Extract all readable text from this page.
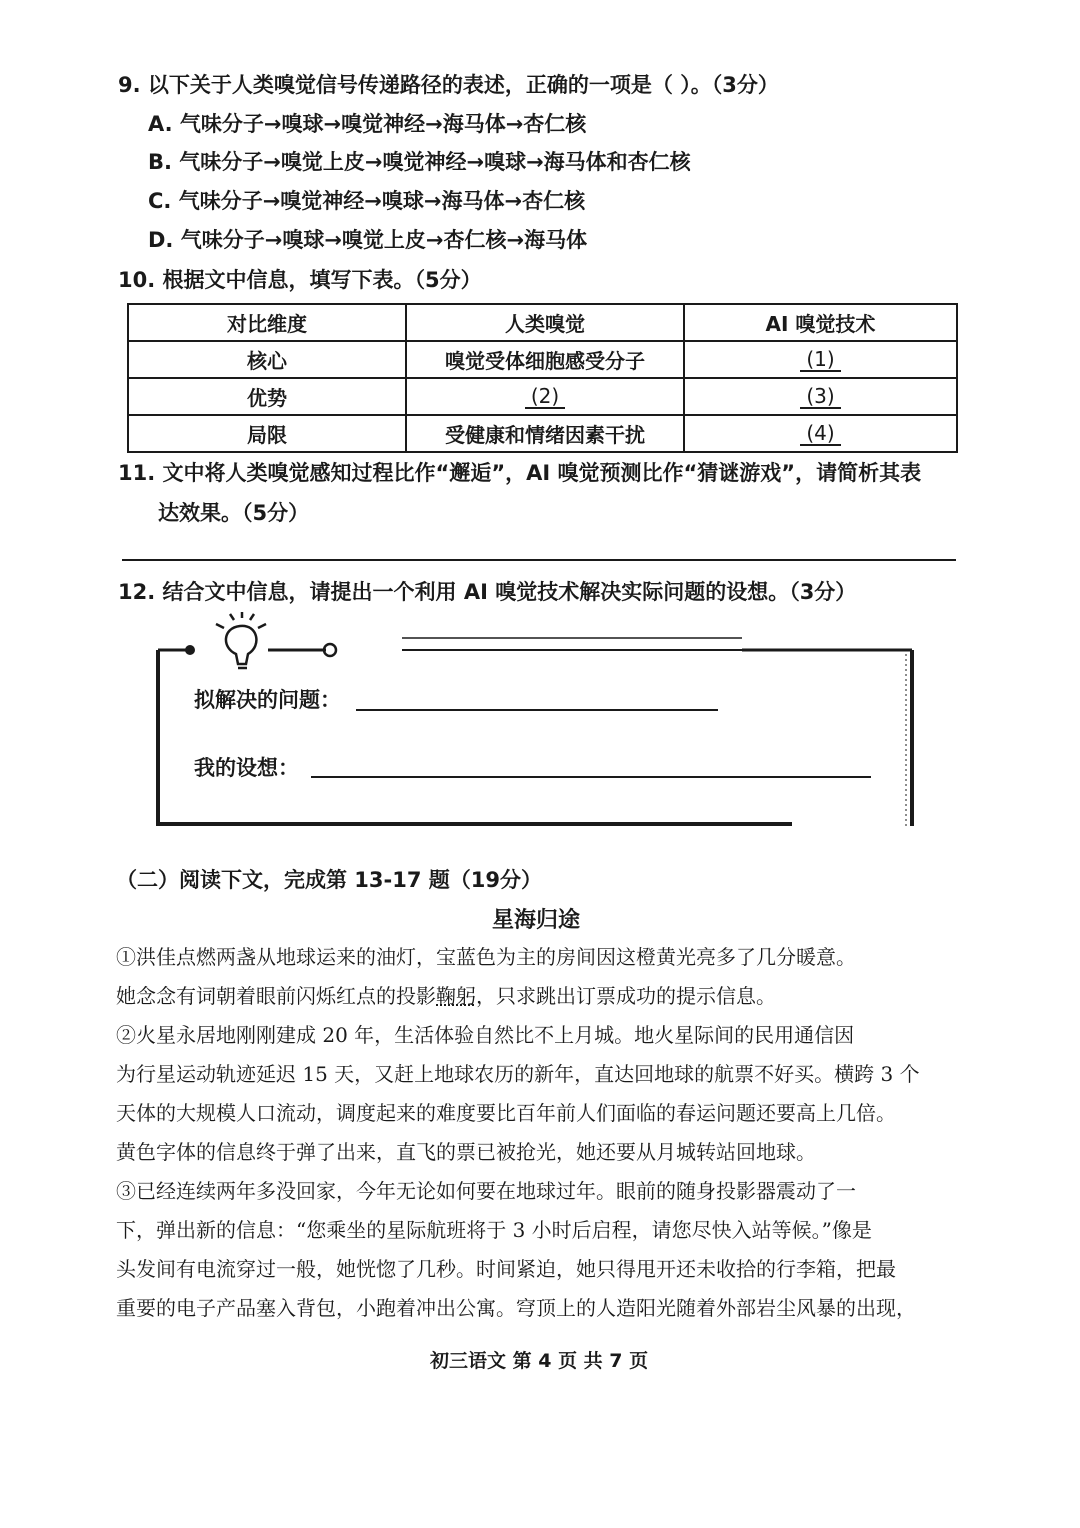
9. 以下关于人类嗅觉信号传递路径的表述，正确的一项是（ ）。（3分）
A. 气味分子→嗅球→嗅觉神经→海马体→杏仁核
B. 气味分子→嗅觉上皮→嗅觉神经→嗅球→海马体和杏仁核
C. 气味分子→嗅觉神经→嗅球→海马体→杏仁核
D. 气味分子→嗅球→嗅觉上皮→杏仁核→海马体
10. 根据文中信息，填写下表。（5分）
对比维度	人类嗅觉	AI 嗅觉技术
核心	嗅觉受体细胞感受分子	(1)
优势	(2)	(3)
局限	受健康和情绪因素干扰	(4)
11. 文中将人类嗅觉感知过程比作“邂逅”，AI 嗅觉预测比作“猜谜游戏”，请简析其表
达效果。（5分）
12. 结合文中信息，请提出一个利用 AI 嗅觉技术解决实际问题的设想。（3分）
拟解决的问题：
我的设想：
（二）阅读下文，完成第 13-17 题（19分）
星海归途

①洪佳点燃两盏从地球运来的油灯，宝蓝色为主的房间因这橙黄光亮多了几分暖意。

她念念有词朝着眼前闪烁红点的投影鞠躬，只求跳出订票成功的提示信息。

②火星永居地刚刚建成 20 年，生活体验自然比不上月城。地火星际间的民用通信因

为行星运动轨迹延迟 15 天，又赶上地球农历的新年，直达回地球的航票不好买。横跨 3 个

天体的大规模人口流动，调度起来的难度要比百年前人们面临的春运问题还要高上几倍。

黄色字体的信息终于弹了出来，直飞的票已被抢光，她还要从月城转站回地球。

③已经连续两年多没回家，今年无论如何要在地球过年。眼前的随身投影器震动了一

下，弹出新的信息：“您乘坐的星际航班将于 3 小时后启程，请您尽快入站等候。”像是

头发间有电流穿过一般，她恍惚了几秒。时间紧迫，她只得甩开还未收拾的行李箱，把最

重要的电子产品塞入背包，小跑着冲出公寓。穹顶上的人造阳光随着外部岩尘风暴的出现，

初三语文 第 4 页 共 7 页
